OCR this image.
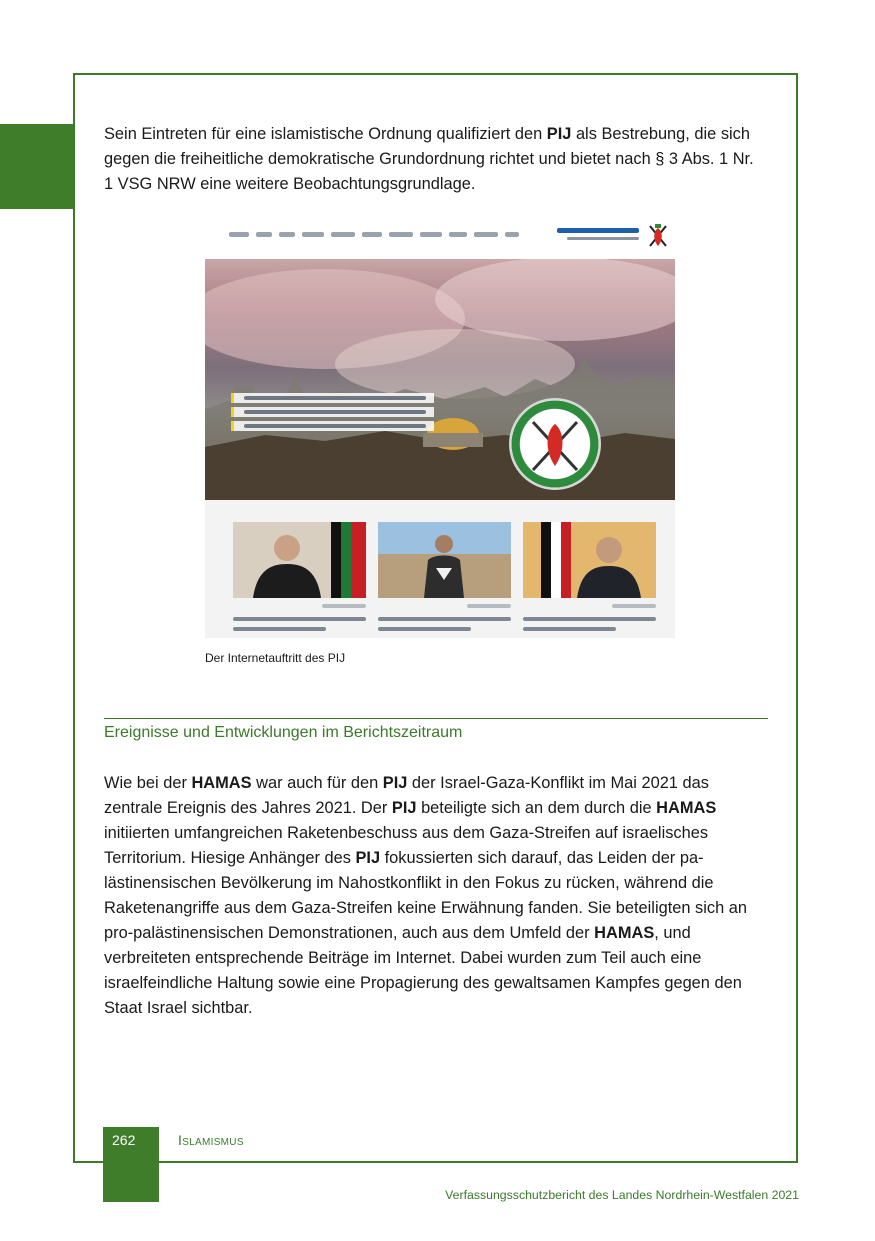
Sein Eintreten für eine islamistische Ordnung qualifiziert den PIJ als Bestrebung, die sich gegen die freiheitliche demokratische Grundordnung richtet und bietet nach § 3 Abs. 1 Nr. 1 VSG NRW eine weitere Beobachtungsgrundlage.

Der Internetauftritt des PIJ
Ereignisse und Entwicklungen im Berichtszeitraum

Wie bei der HAMAS war auch für den PIJ der Israel-Gaza-Konflikt im Mai 2021 das zentrale Ereignis des Jahres 2021. Der PIJ beteiligte sich an dem durch die HAMAS initiierten umfangreichen Raketenbeschuss aus dem Gaza-Streifen auf israelisches Territorium. Hiesige Anhänger des PIJ fokussierten sich darauf, das Leiden der pa-lästinensischen Bevölkerung im Nahostkonflikt in den Fokus zu rücken, während die Raketenangriffe aus dem Gaza-Streifen keine Erwähnung fanden. Sie beteiligten sich an pro-palästinensischen Demonstrationen, auch aus dem Umfeld der HAMAS, und verbreiteten entsprechende Beiträge im Internet. Dabei wurden zum Teil auch eine israelfeindliche Haltung sowie eine Propagierung des gewaltsamen Kampfes gegen den Staat Israel sichtbar.

262	Islamismus
Verfassungsschutzbericht des Landes Nordrhein-Westfalen 2021
